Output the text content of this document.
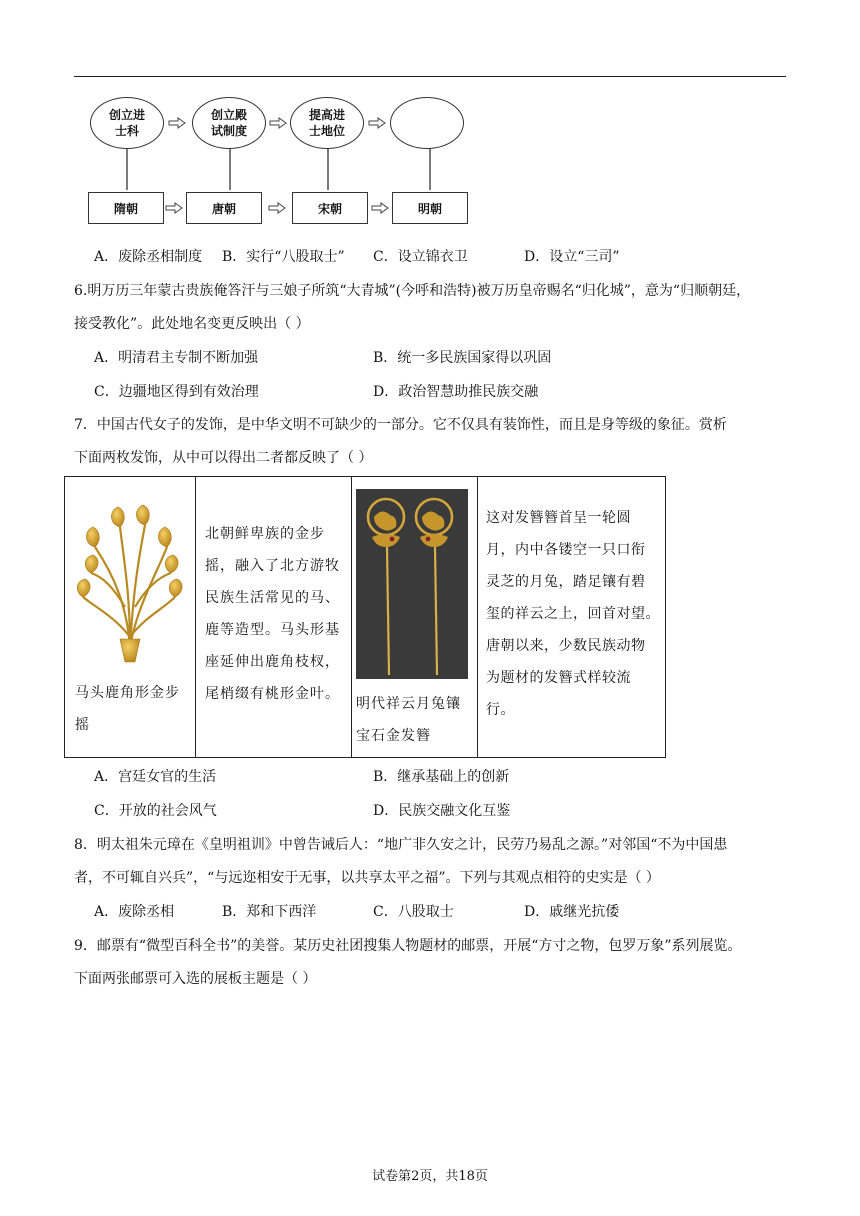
创立进
士科
创立殿
试制度
提高进
士地位
隋朝	唐朝	宋朝	明朝
A．废除丞相制度 B．实行“八股取士” C．设立锦衣卫	D．设立“三司”
6.明万历三年蒙古贵族俺答汗与三娘子所筑“大青城”(今呼和浩特)被万历皇帝赐名“归化城”，意为“归顺朝廷，
接受教化”。此处地名变更反映出（ ）
A．明清君主专制不断加强	B．统一多民族国家得以巩固
C．边疆地区得到有效治理	D．政治智慧助推民族交融
7．中国古代女子的发饰，是中华文明不可缺少的一部分。它不仅具有装饰性，而且是身等级的象征。赏析
下面两枚发饰，从中可以得出二者都反映了（ ）
马头鹿角形金步
摇
北朝鲜卑族的金步
摇，融入了北方游牧
民族生活常见的马、
鹿等造型。马头形基
座延伸出鹿角枝杈，
尾梢缀有桃形金叶。
明代祥云月兔镶
宝石金发簪
这对发簪簪首呈一轮圆
月，内中各镂空一只口衔
灵芝的月兔，踏足镶有碧
玺的祥云之上，回首对望。
唐朝以来，少数民族动物
为题材的发簪式样较流
行。
A．宫廷女官的生活	B．继承基础上的创新
C．开放的社会风气	D．民族交融文化互鉴
8．明太祖朱元璋在《皇明祖训》中曾告诫后人：“地广非久安之计，民劳乃易乱之源。”对邻国“不为中国患
者，不可辄自兴兵”，“与远迩相安于无事，以共享太平之福”。下列与其观点相符的史实是（ ）
A．废除丞相	B．郑和下西洋	C．八股取士	D．戚继光抗倭
9．邮票有“微型百科全书”的美誉。某历史社团搜集人物题材的邮票，开展“方寸之物，包罗万象”系列展览。
下面两张邮票可入选的展板主题是（ ）
试卷第2页，共18页
